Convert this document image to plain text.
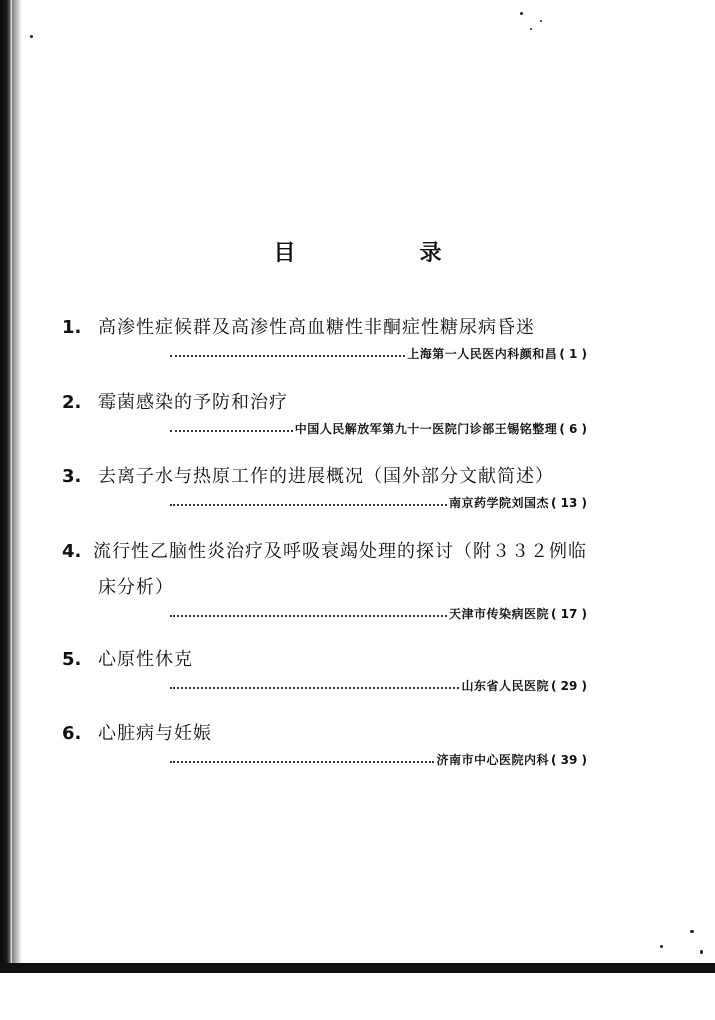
目录
1. 高渗性症候群及高渗性高血糖性非酮症性糖尿病昏迷
上海第一人民医内科颜和昌 ( 1 )
2. 霉菌感染的予防和治疗
中国人民解放军第九十一医院门诊部王锡铭整理 ( 6 )
3. 去离子水与热原工作的进展概况（国外部分文献简述）
南京药学院刘国杰 ( 13 )
4. 流行性乙脑性炎治疗及呼吸衰竭处理的探讨（附３３２例临
床分析）
天津市传染病医院 ( 17 )
5. 心原性休克
山东省人民医院 ( 29 )
6. 心脏病与妊娠
济南市中心医院内科 ( 39 )
